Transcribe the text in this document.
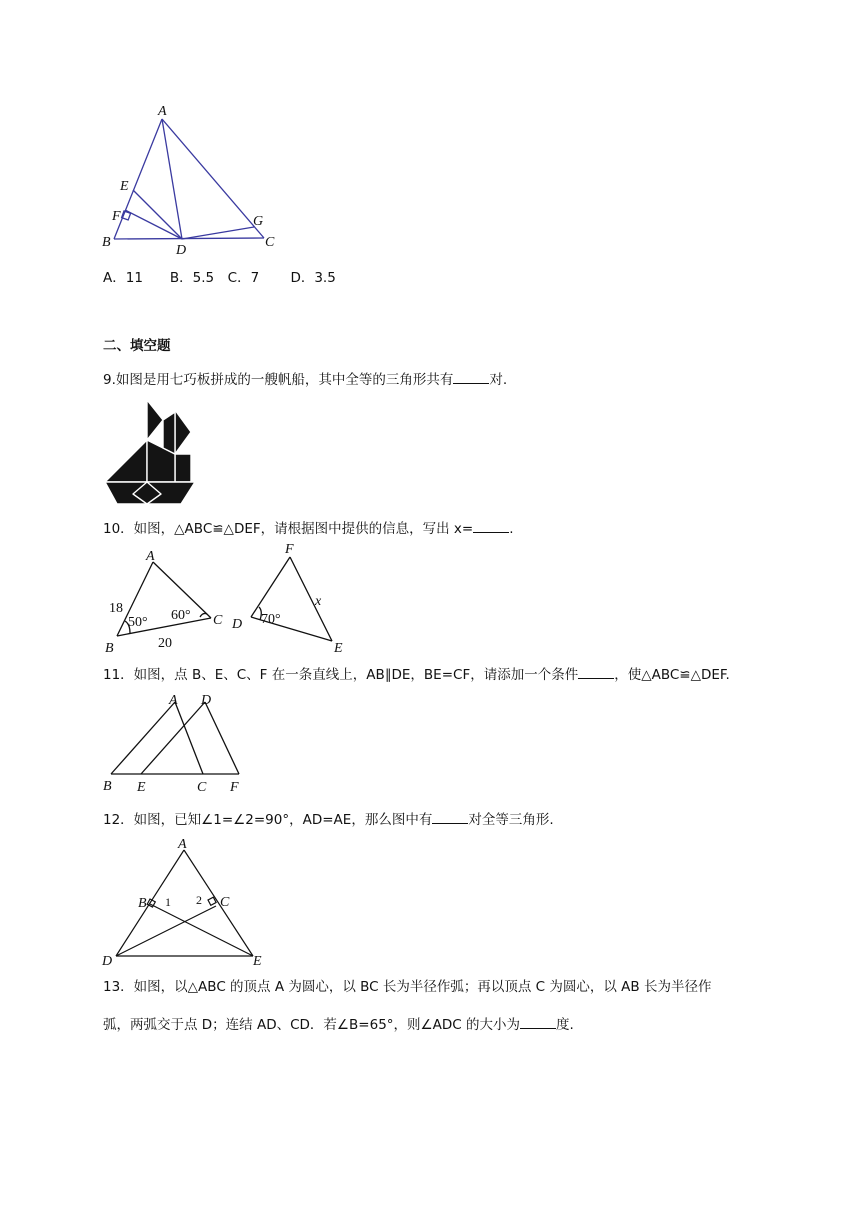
A
E
F
B
D
G
C
A．11　　B．5.5　C．7　　 D．3.5
二、填空题
9.如图是用七巧板拼成的一艘帆船，其中全等的三角形共有	对.
10．如图，△ABC≌△DEF，请根据图中提供的信息，写出 x=	.
A
B
C
18
20
50° 60°
F
D
E
x
70°
11．如图，点 B、E、C、F 在一条直线上，AB∥DE，BE=CF，请添加一个条件	，使△ABC≌△DEF.
A D
B E	C F
12．如图，已知∠1=∠2=90°，AD=AE，那么图中有	对全等三角形.
A
B 1 2 C
D	E
13．如图，以△ABC 的顶点 A 为圆心，以 BC 长为半径作弧；再以顶点 C 为圆心，以 AB 长为半径作
弧，两弧交于点 D；连结 AD、CD．若∠B=65°，则∠ADC 的大小为	度.
